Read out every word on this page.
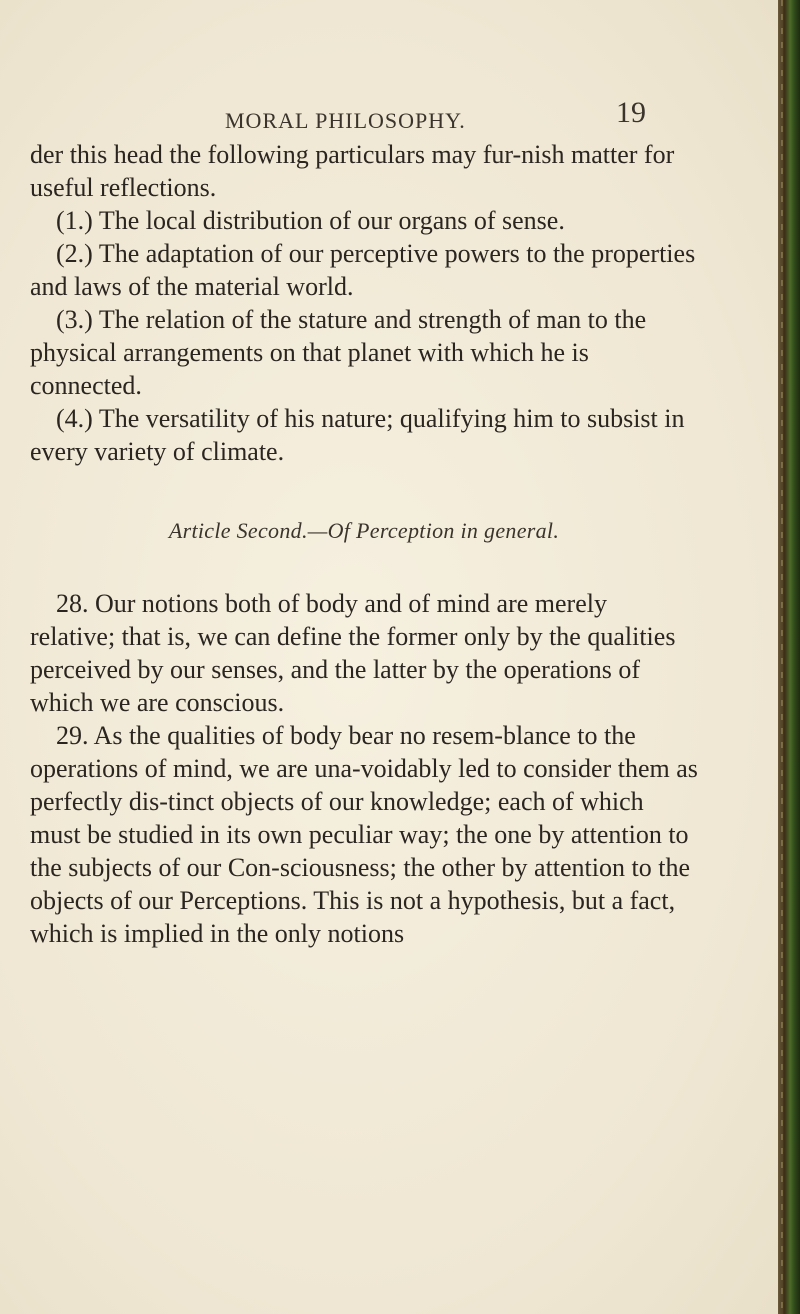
MORAL PHILOSOPHY.	19

der this head the following particulars may fur-nish matter for useful reflections.

(1.) The local distribution of our organs of sense.

(2.) The adaptation of our perceptive powers to the properties and laws of the material world.

(3.) The relation of the stature and strength of man to the physical arrangements on that planet with which he is connected.

(4.) The versatility of his nature; qualifying him to subsist in every variety of climate.

Article Second.—Of Perception in general.

28. Our notions both of body and of mind are merely relative; that is, we can define the former only by the qualities perceived by our senses, and the latter by the operations of which we are conscious.

29. As the qualities of body bear no resem-blance to the operations of mind, we are una-voidably led to consider them as perfectly dis-tinct objects of our knowledge; each of which must be studied in its own peculiar way; the one by attention to the subjects of our Con-sciousness; the other by attention to the objects of our Perceptions. This is not a hypothesis, but a fact, which is implied in the only notions
